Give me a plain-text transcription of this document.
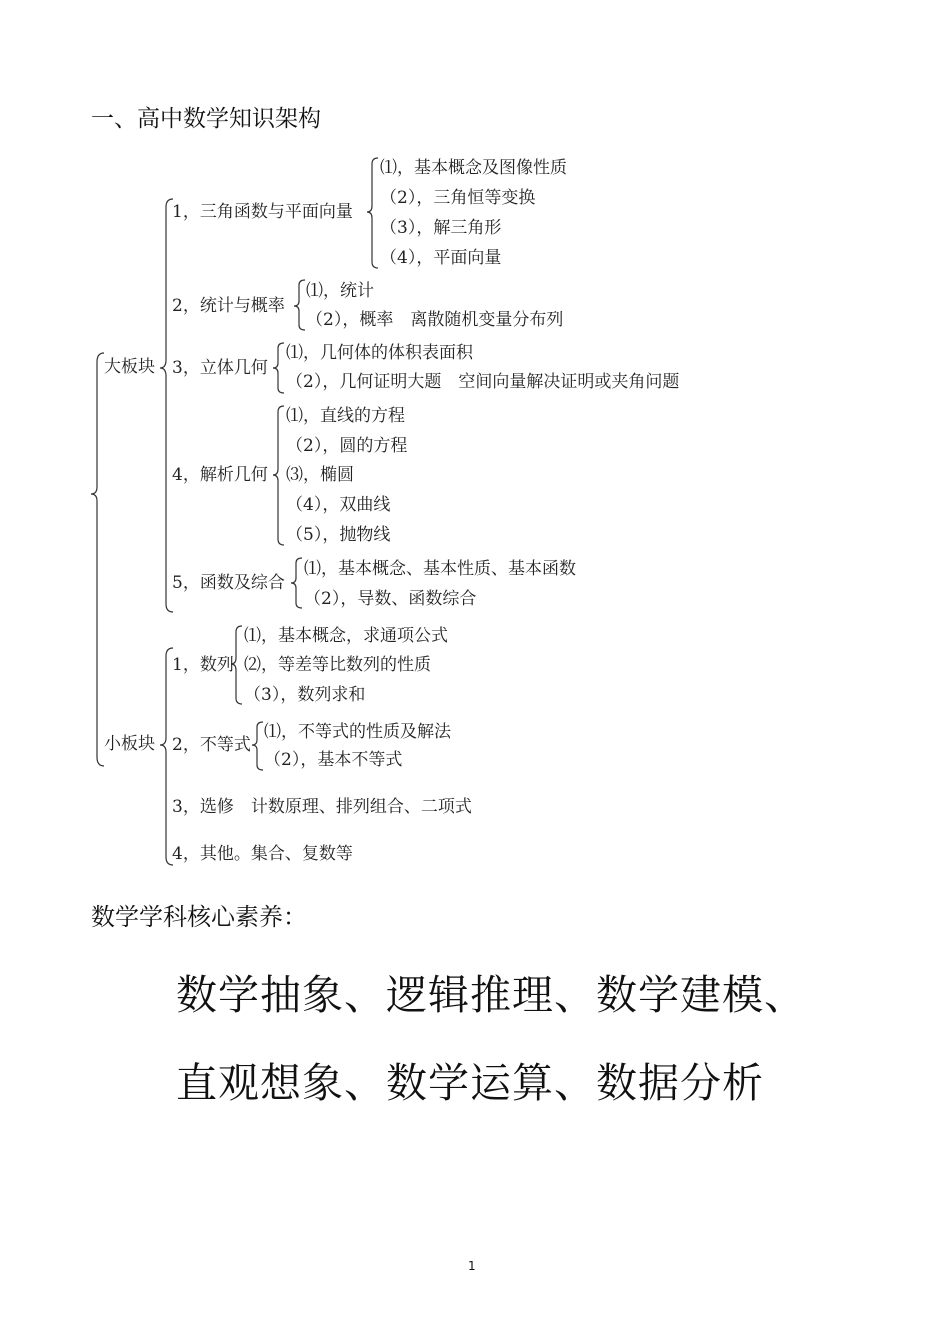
一、高中数学知识架构
大板块
小板块
1，三角函数与平面向量
⑴，基本概念及图像性质
（2），三角恒等变换
（3），解三角形
（4），平面向量
2，统计与概率
⑴，统计
（2），概率　离散随机变量分布列
3，立体几何
⑴，几何体的体积表面积
（2），几何证明大题　空间向量解决证明或夹角问题
4，解析几何
⑴，直线的方程
（2），圆的方程
⑶，椭圆
（4），双曲线
（5），抛物线
5，函数及综合
⑴，基本概念、基本性质、基本函数
（2），导数、函数综合
1，数列
⑴，基本概念，求通项公式
⑵，等差等比数列的性质
（3），数列求和
2，不等式
⑴，不等式的性质及解法
（2），基本不等式
3，选修　计数原理、排列组合、二项式
4，其他。集合、复数等
数学学科核心素养：
数学抽象、逻辑推理、数学建模、
直观想象、数学运算、数据分析
1
